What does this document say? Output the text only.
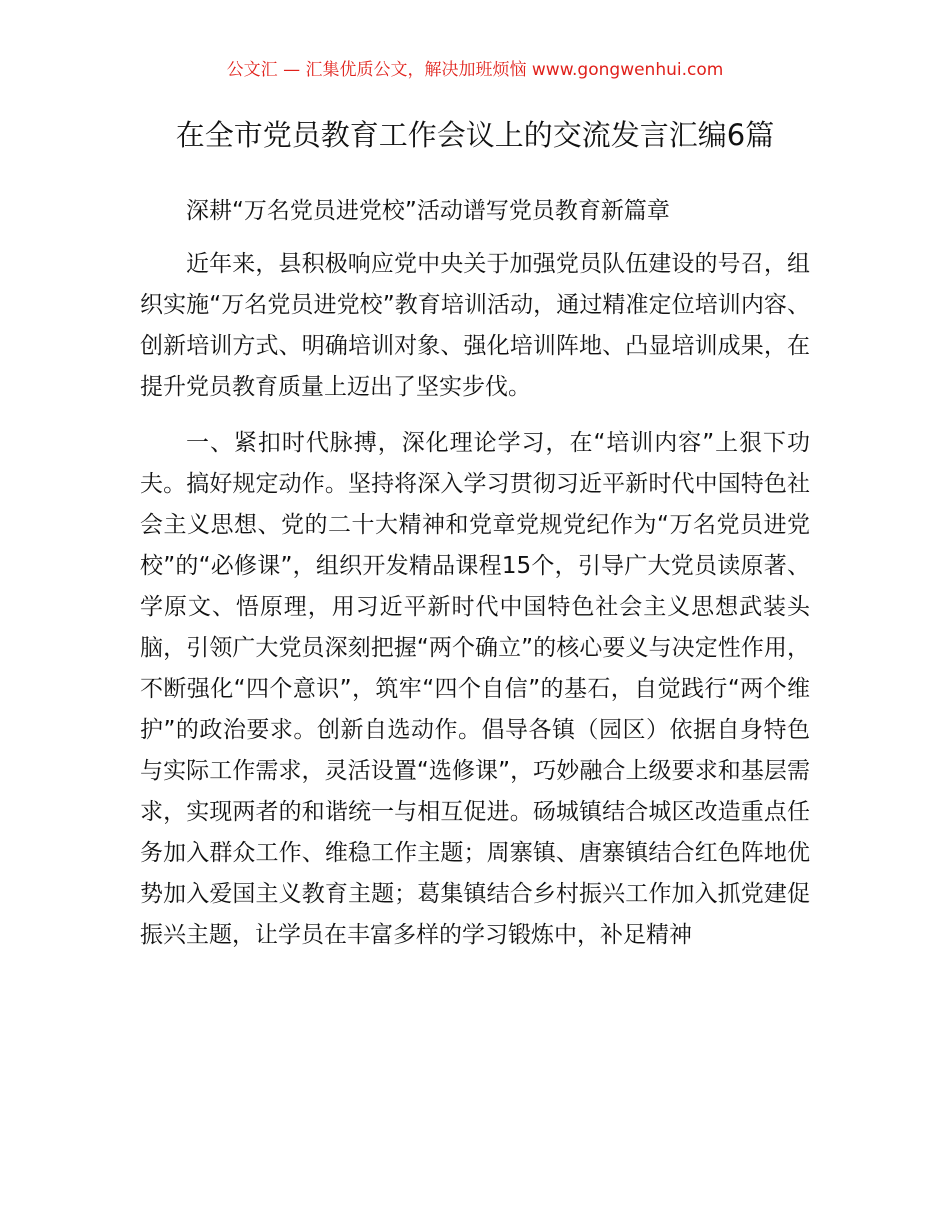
公文汇 — 汇集优质公文，解决加班烦恼 www.gongwenhui.com
在全市党员教育工作会议上的交流发言汇编6篇

深耕“万名党员进党校”活动谱写党员教育新篇章

近年来，县积极响应党中央关于加强党员队伍建设的号召，组织实施“万名党员进党校”教育培训活动，通过精准定位培训内容、创新培训方式、明确培训对象、强化培训阵地、凸显培训成果，在提升党员教育质量上迈出了坚实步伐。

一、紧扣时代脉搏，深化理论学习，在“培训内容”上狠下功夫。搞好规定动作。坚持将深入学习贯彻习近平新时代中国特色社会主义思想、党的二十大精神和党章党规党纪作为“万名党员进党校”的“必修课”，组织开发精品课程15个，引导广大党员读原著、学原文、悟原理，用习近平新时代中国特色社会主义思想武装头脑，引领广大党员深刻把握“两个确立”的核心要义与决定性作用，不断强化“四个意识”，筑牢“四个自信”的基石，自觉践行“两个维护”的政治要求。创新自选动作。倡导各镇（园区）依据自身特色与实际工作需求，灵活设置“选修课”，巧妙融合上级要求和基层需求，实现两者的和谐统一与相互促进。砀城镇结合城区改造重点任务加入群众工作、维稳工作主题；周寨镇、唐寨镇结合红色阵地优势加入爱国主义教育主题；葛集镇结合乡村振兴工作加入抓党建促振兴主题，让学员在丰富多样的学习锻炼中，补足精神
